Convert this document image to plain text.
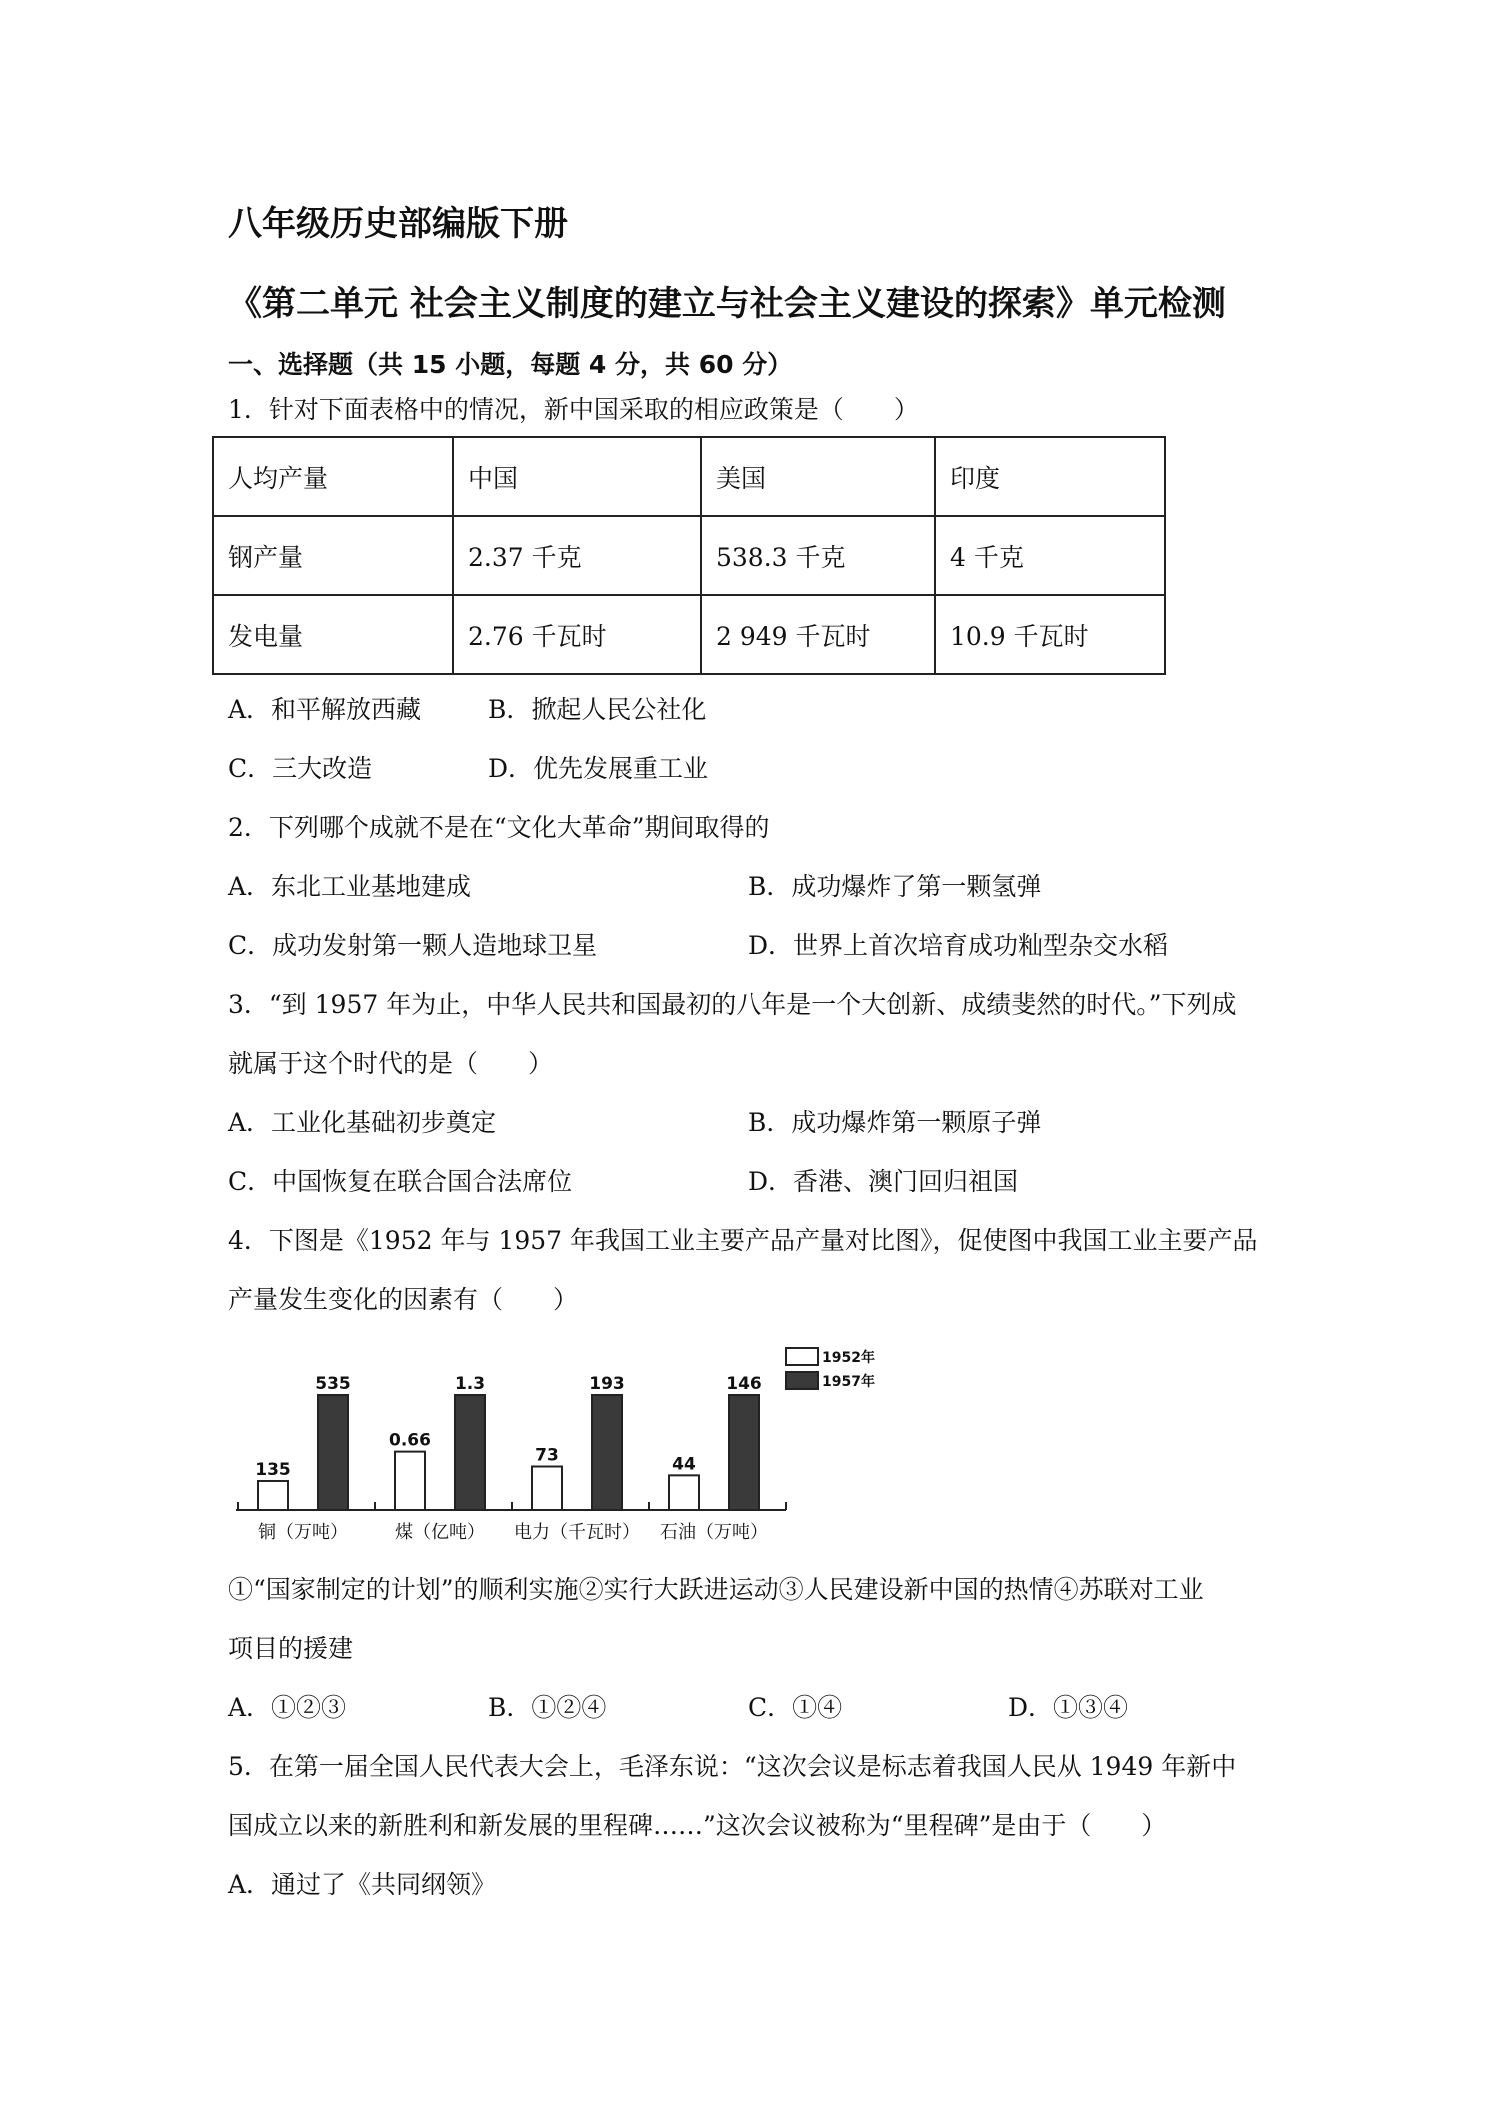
八年级历史部编版下册
《第二单元 社会主义制度的建立与社会主义建设的探索》单元检测
一、选择题（共 15 小题，每题 4 分，共 60 分）
1．针对下面表格中的情况，新中国采取的相应政策是（　　）
人均产量	中国	美国	印度
钢产量	2.37 千克	538.3 千克	4 千克
发电量	2.76 千瓦时	2 949 千瓦时	10.9 千瓦时
A．和平解放西藏	B．掀起人民公社化
C．三大改造	D．优先发展重工业
2．下列哪个成就不是在“文化大革命”期间取得的
A．东北工业基地建成	B．成功爆炸了第一颗氢弹
C．成功发射第一颗人造地球卫星	D．世界上首次培育成功籼型杂交水稻
3．“到 1957 年为止，中华人民共和国最初的八年是一个大创新、成绩斐然的时代。”下列成
就属于这个时代的是（　　）
A．工业化基础初步奠定	B．成功爆炸第一颗原子弹
C．中国恢复在联合国合法席位	D．香港、澳门回归祖国
4．下图是《1952 年与 1957 年我国工业主要产品产量对比图》，促使图中我国工业主要产品
产量发生变化的因素有（　　）
1952年
1957年
135
535
铜（万吨）
0.66
1.3
煤（亿吨）
73
193
电力（千瓦时）
44
146
石油（万吨）
①“国家制定的计划”的顺利实施②实行大跃进运动③人民建设新中国的热情④苏联对工业
项目的援建
A．①②③	B．①②④	C．①④	D．①③④
5．在第一届全国人民代表大会上，毛泽东说：“这次会议是标志着我国人民从 1949 年新中
国成立以来的新胜利和新发展的里程碑……”这次会议被称为“里程碑”是由于（　　）
A．通过了《共同纲领》
